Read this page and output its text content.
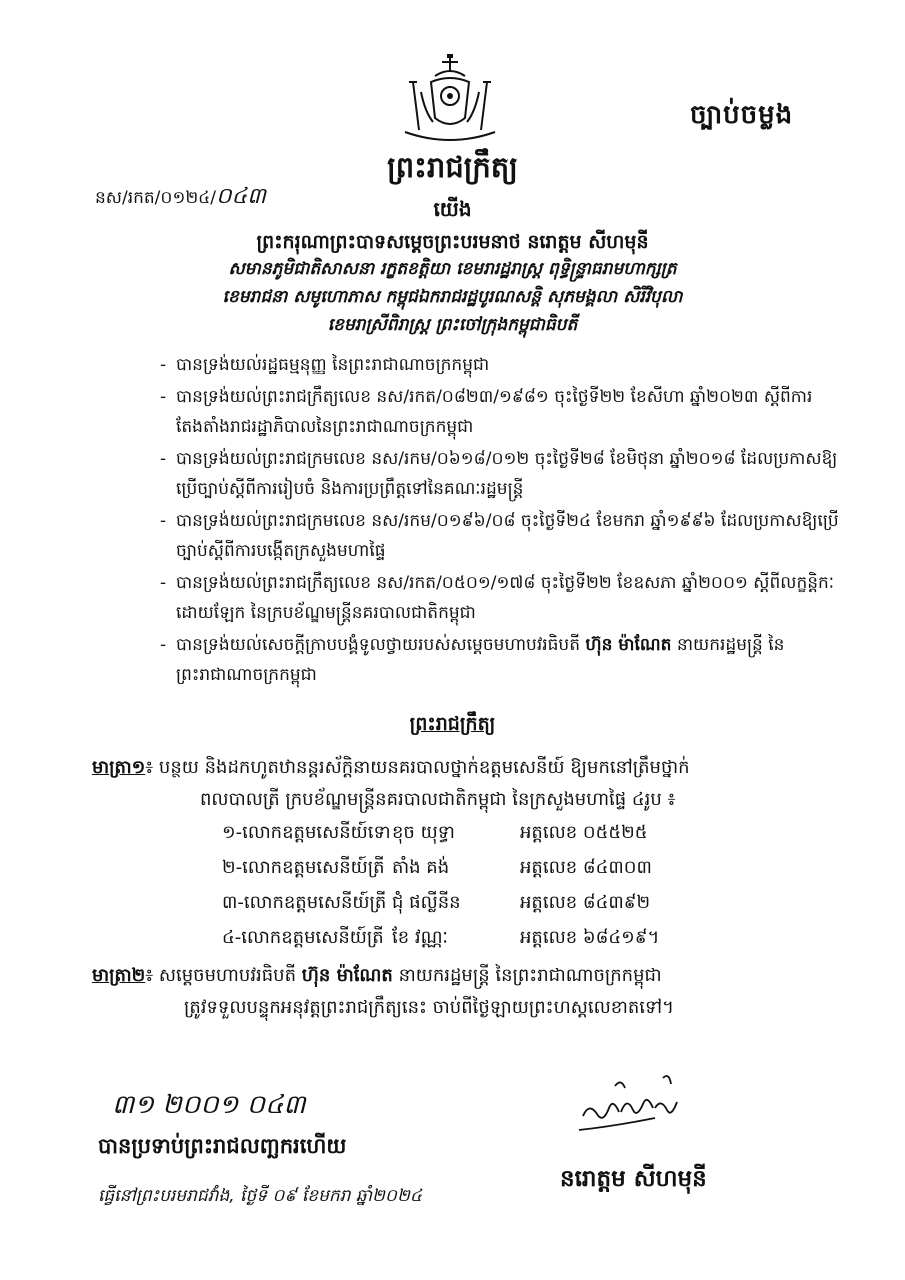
ច្បាប់ចម្លង
ព្រះរាជក្រឹត្យ
នស/រកត/០១២៤/០៤៣	យើង
ព្រះករុណាព្រះបាទសម្តេចព្រះបរមនាថ នរោត្តម សីហមុនី
សមានភូមិជាតិសាសនា រក្ខតខត្តិយា ខេមរារដ្ឋរាស្ត្រ ពុទ្ធិន្ទ្រាធរាមហាក្សត្រ
ខេមរាជនា សមូហោភាស កម្ពុជឯករាជរដ្ឋបូរណសន្តិ សុភមង្គលា សិរីវិបុលា
ខេមរាស្រីពិរាស្ត្រ ព្រះចៅក្រុងកម្ពុជាធិបតី
- បានទ្រង់យល់រដ្ឋធម្មនុញ្ញ នៃព្រះរាជាណាចក្រកម្ពុជា
- បានទ្រង់យល់ព្រះរាជក្រឹត្យលេខ នស/រកត/០៨២៣/១៩៨១ ចុះថ្ងៃទី២២ ខែសីហា ឆ្នាំ២០២៣ ស្តីពីការតែងតាំងរាជរដ្ឋាភិបាលនៃព្រះរាជាណាចក្រកម្ពុជា
- បានទ្រង់យល់ព្រះរាជក្រមលេខ នស/រកម/០៦១៨/០១២ ចុះថ្ងៃទី២៨ ខែមិថុនា ឆ្នាំ២០១៨ ដែលប្រកាសឱ្យប្រើច្បាប់ស្តីពីការរៀបចំ និងការប្រព្រឹត្តទៅនៃគណៈរដ្ឋមន្ត្រី
- បានទ្រង់យល់ព្រះរាជក្រមលេខ នស/រកម/០១៩៦/០៨ ចុះថ្ងៃទី២៤ ខែមករា ឆ្នាំ១៩៩៦ ដែលប្រកាសឱ្យប្រើច្បាប់ស្តីពីការបង្កើតក្រសួងមហាផ្ទៃ
- បានទ្រង់យល់ព្រះរាជក្រឹត្យលេខ នស/រកត/០៥០១/១៧៨ ចុះថ្ងៃទី២២ ខែឧសភា ឆ្នាំ២០០១ ស្តីពីលក្ខន្តិកៈដោយឡែក នៃក្របខ័ណ្ឌមន្ត្រីនគរបាលជាតិកម្ពុជា
- បានទ្រង់យល់សេចក្តីក្រាបបង្គំទូលថ្វាយរបស់សម្តេចមហាបវរធិបតី ហ៊ុន ម៉ាណែត នាយករដ្ឋមន្ត្រី នៃព្រះរាជាណាចក្រកម្ពុជា
ព្រះរាជក្រឹត្យ
មាត្រា១៖ បន្ថយ និងដកហូតឋានន្តរស័ក្តិនាយនគរបាលថ្នាក់ឧត្តមសេនីយ៍ ឱ្យមកនៅត្រឹមថ្នាក់
ពលបាលត្រី ក្របខ័ណ្ឌមន្ត្រីនគរបាលជាតិកម្ពុជា នៃក្រសួងមហាផ្ទៃ ៤រូប ៖
១-លោកឧត្តមសេនីយ៍ទោ ខុច យុទ្ធា	អត្តលេខ ០៥៥២៥
២-លោកឧត្តមសេនីយ៍ត្រី តាំង គង់	អត្តលេខ ៨៤៣០៣
៣-លោកឧត្តមសេនីយ៍ត្រី ជុំ ផល្លីនីន	អត្តលេខ ៨៤៣៩២
៤-លោកឧត្តមសេនីយ៍ត្រី ខែ វណ្ណៈ	អត្តលេខ ៦៨៤១៩។
មាត្រា២៖ សម្តេចមហាបវរធិបតី ហ៊ុន ម៉ាណែត នាយករដ្ឋមន្ត្រី នៃព្រះរាជាណាចក្រកម្ពុជា
ត្រូវទទួលបន្ទុកអនុវត្តព្រះរាជក្រឹត្យនេះ ចាប់ពីថ្ងៃឡាយព្រះហស្តលេខាតទៅ។
៣១ ២០០១ ០៤៣
បានប្រទាប់ព្រះរាជលញ្ឆករហើយ
ធ្វើនៅព្រះបរមរាជវាំង, ថ្ងៃទី ០៩ ខែមករា ឆ្នាំ២០២៤
នរោត្តម សីហមុនី
